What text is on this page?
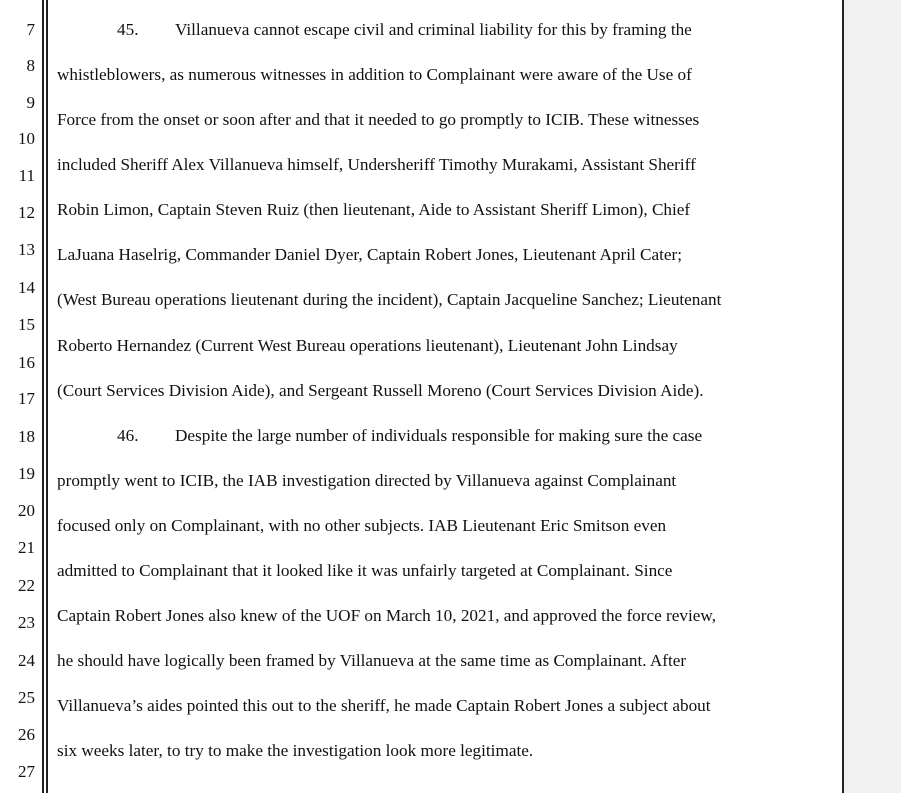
7
8
9
10
11
12
13
14
15
16
17
18
19
20
21
22
23
24
25
26
27
45. Villanueva cannot escape civil and criminal liability for this by framing the
whistleblowers, as numerous witnesses in addition to Complainant were aware of the Use of
Force from the onset or soon after and that it needed to go promptly to ICIB. These witnesses
included Sheriff Alex Villanueva himself, Undersheriff Timothy Murakami, Assistant Sheriff
Robin Limon, Captain Steven Ruiz (then lieutenant, Aide to Assistant Sheriff Limon), Chief
LaJuana Haselrig, Commander Daniel Dyer, Captain Robert Jones, Lieutenant April Cater;
(West Bureau operations lieutenant during the incident), Captain Jacqueline Sanchez; Lieutenant
Roberto Hernandez (Current West Bureau operations lieutenant), Lieutenant John Lindsay
(Court Services Division Aide), and Sergeant Russell Moreno (Court Services Division Aide).
46. Despite the large number of individuals responsible for making sure the case
promptly went to ICIB, the IAB investigation directed by Villanueva against Complainant
focused only on Complainant, with no other subjects. IAB Lieutenant Eric Smitson even
admitted to Complainant that it looked like it was unfairly targeted at Complainant. Since
Captain Robert Jones also knew of the UOF on March 10, 2021, and approved the force review,
he should have logically been framed by Villanueva at the same time as Complainant. After
Villanueva’s aides pointed this out to the sheriff, he made Captain Robert Jones a subject about
six weeks later, to try to make the investigation look more legitimate.
